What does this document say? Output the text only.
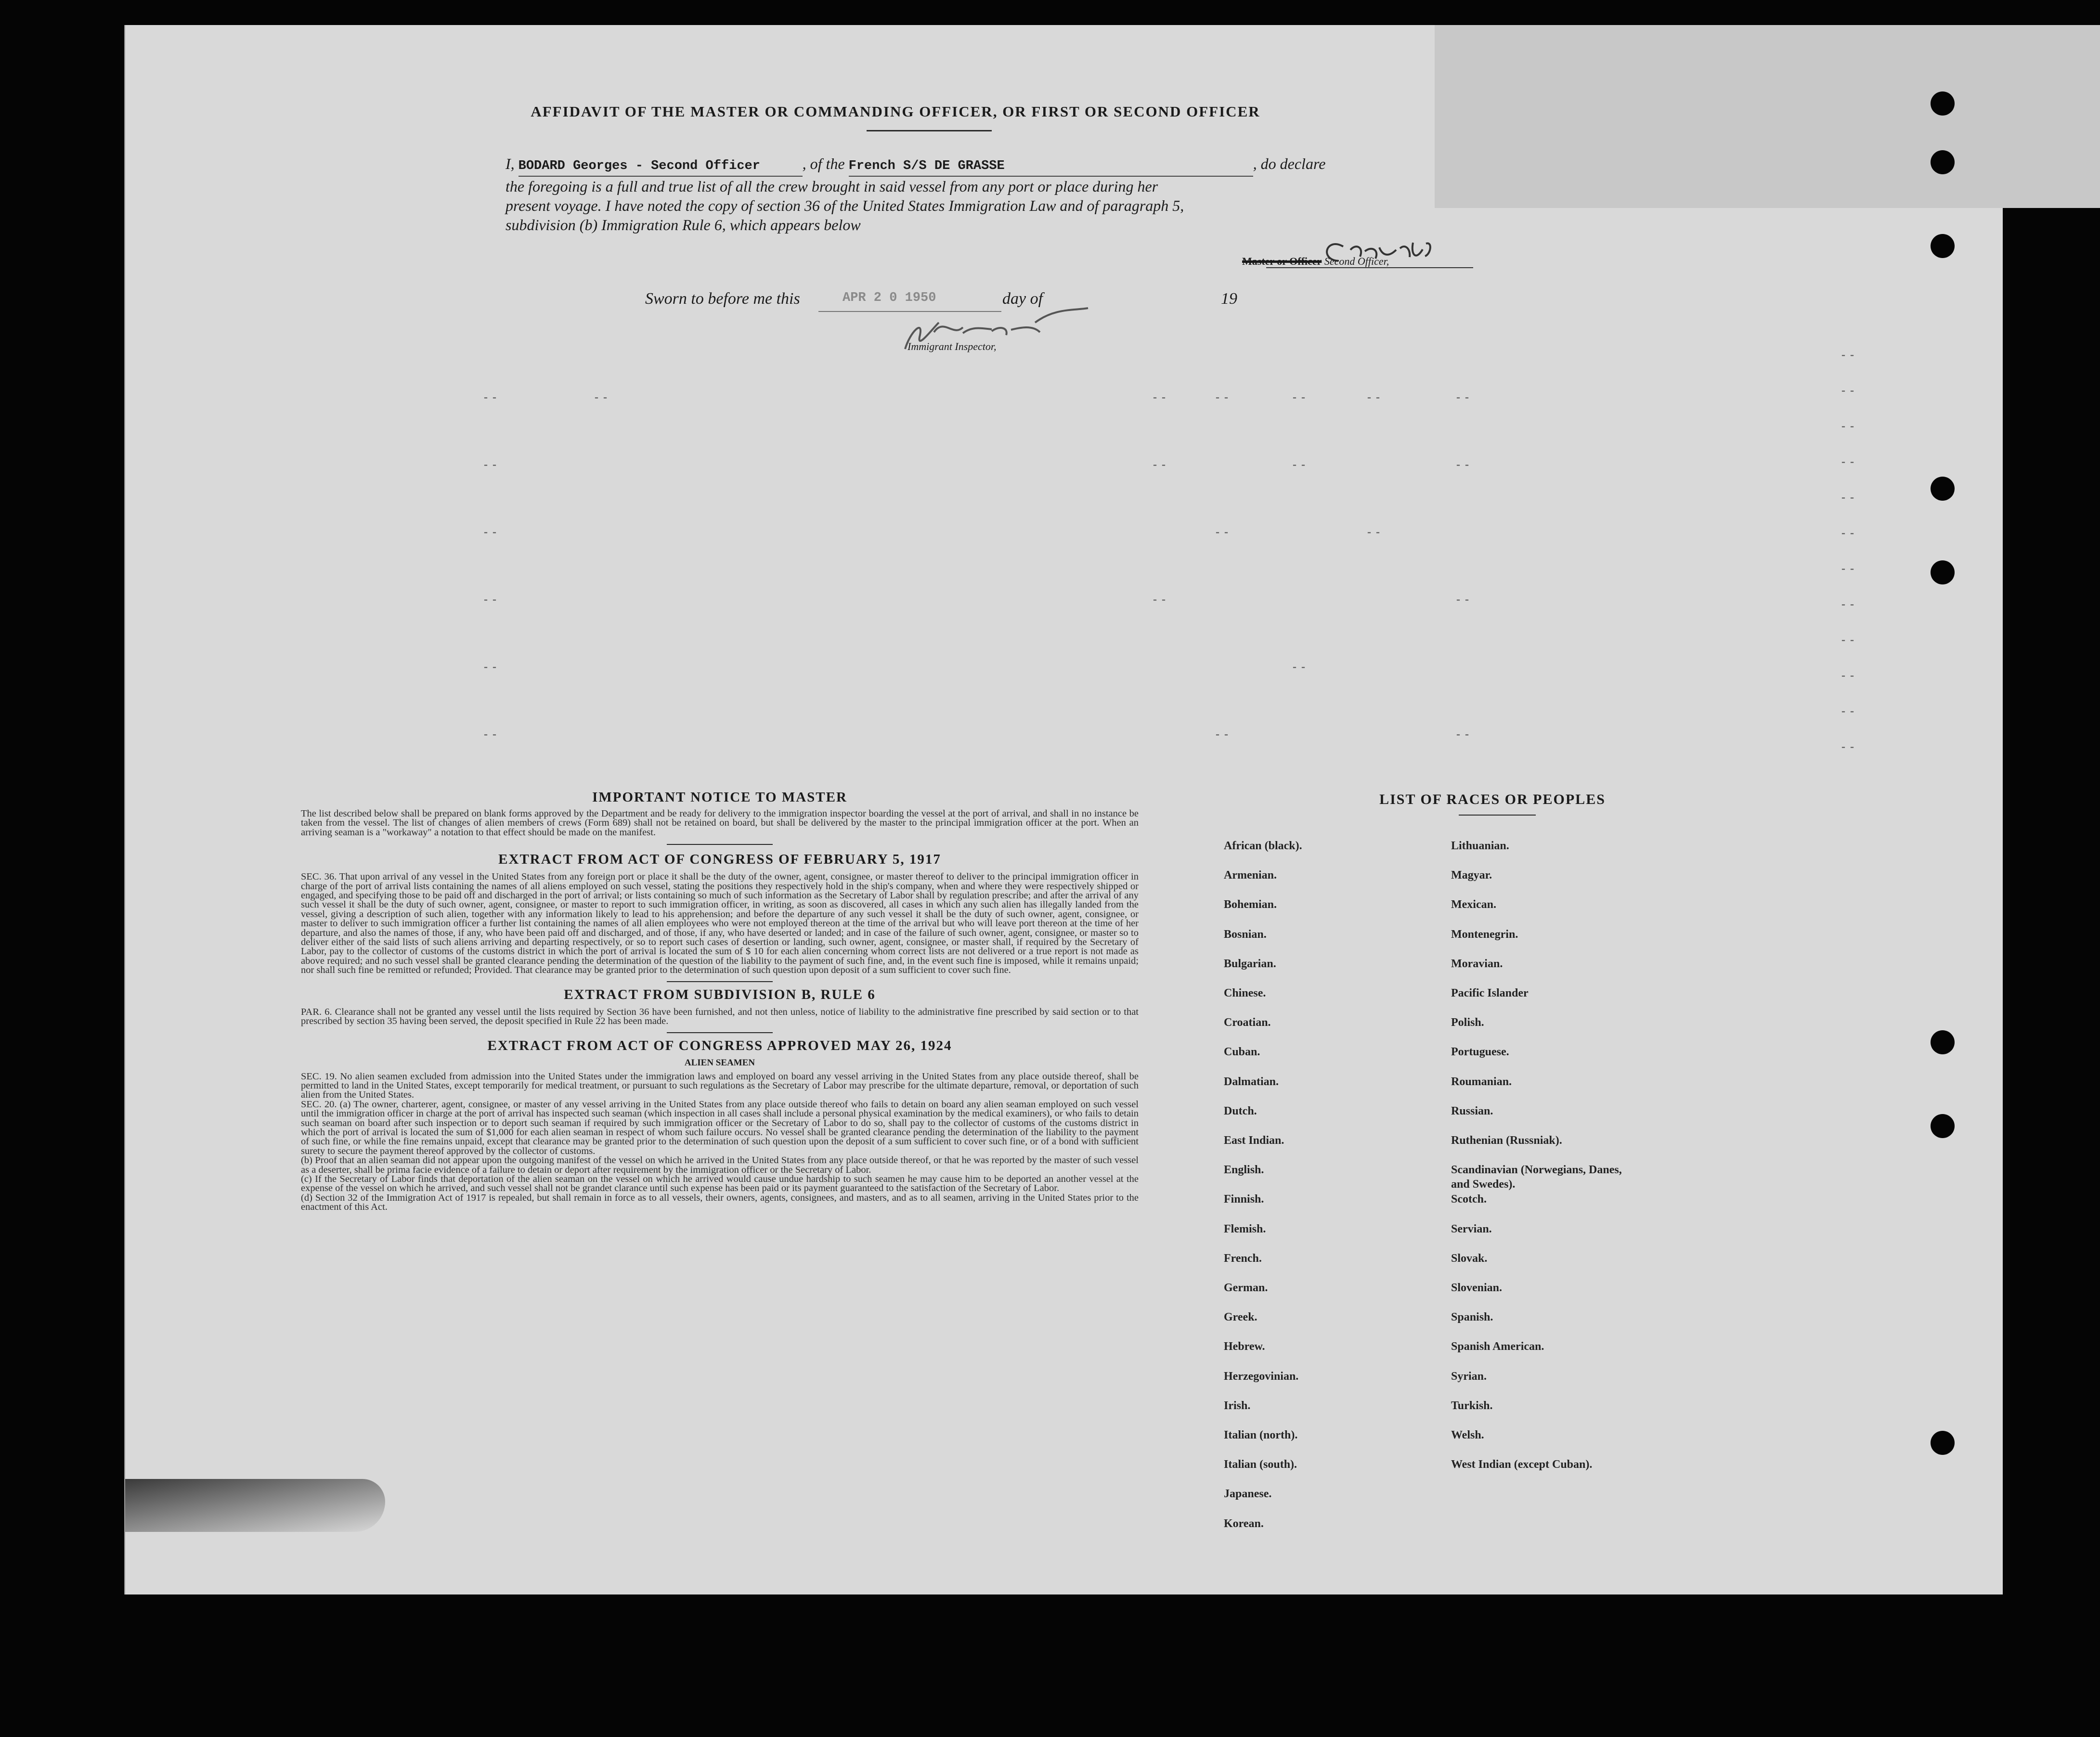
AFFIDAVIT OF THE MASTER OR COMMANDING OFFICER, OR FIRST OR SECOND OFFICER
I, BODARD Georges - Second Officer	, of the French S/S DE GRASSE	, do declare
the foregoing is a full and true list of all the crew brought in said vessel from any port or place during her
present voyage. I have noted the copy of section 36 of the United States Immigration Law and of paragraph 5,
subdivision (b) Immigration Rule 6, which appears below
Master or Officer Second Officer,
Sworn to before me this	APR 2 0 1950	day of	19
Immigrant Inspector,
--
--
--
--
--
--
--
--
--
--
--
--
--	--	--	--	--	--	--
--	--	--	--
--	--	--
--	--	--
--	--
--	--	--
IMPORTANT NOTICE TO MASTER
The list described below shall be prepared on blank forms approved by the Department and be ready for delivery to the immigration inspector boarding the vessel at the port of arrival, and shall in no instance be taken from the vessel. The list of changes of alien members of crews (Form 689) shall not be retained on board, but shall be delivered by the master to the principal immigration officer at the port. When an arriving seaman is a "workaway" a notation to that effect should be made on the manifest.
EXTRACT FROM ACT OF CONGRESS OF FEBRUARY 5, 1917
SEC. 36. That upon arrival of any vessel in the United States from any foreign port or place it shall be the duty of the owner, agent, consignee, or master thereof to deliver to the principal immigration officer in charge of the port of arrival lists containing the names of all aliens employed on such vessel, stating the positions they respectively hold in the ship's company, when and where they were respectively shipped or engaged, and specifying those to be paid off and discharged in the port of arrival; or lists containing so much of such information as the Secretary of Labor shall by regulation prescribe; and after the arrival of any such vessel it shall be the duty of such owner, agent, consignee, or master to report to such immigration officer, in writing, as soon as discovered, all cases in which any such alien has illegally landed from the vessel, giving a description of such alien, together with any information likely to lead to his apprehension; and before the departure of any such vessel it shall be the duty of such owner, agent, consignee, or master to deliver to such immigration officer a further list containing the names of all alien employees who were not employed thereon at the time of the arrival but who will leave port thereon at the time of her departure, and also the names of those, if any, who have been paid off and discharged, and of those, if any, who have deserted or landed; and in case of the failure of such owner, agent, consignee, or master so to deliver either of the said lists of such aliens arriving and departing respectively, or so to report such cases of desertion or landing, such owner, agent, consignee, or master shall, if required by the Secretary of Labor, pay to the collector of customs of the customs district in which the port of arrival is located the sum of $ 10 for each alien concerning whom correct lists are not delivered or a true report is not made as above required; and no such vessel shall be granted clearance pending the determination of the question of the liability to the payment of such fine, and, in the event such fine is imposed, while it remains unpaid; nor shall such fine be remitted or refunded; Provided. That clearance may be granted prior to the determination of such question upon deposit of a sum sufficient to cover such fine.
EXTRACT FROM SUBDIVISION B, RULE 6
PAR. 6. Clearance shall not be granted any vessel until the lists required by Section 36 have been furnished, and not then unless, notice of liability to the administrative fine prescribed by said section or to that prescribed by section 35 having been served, the deposit specified in Rule 22 has been made.
EXTRACT FROM ACT OF CONGRESS APPROVED MAY 26, 1924
ALIEN SEAMEN
SEC. 19. No alien seamen excluded from admission into the United States under the immigration laws and employed on board any vessel arriving in the United States from any place outside thereof, shall be permitted to land in the United States, except temporarily for medical treatment, or pursuant to such regulations as the Secretary of Labor may prescribe for the ultimate departure, removal, or deportation of such alien from the United States.
SEC. 20. (a) The owner, charterer, agent, consignee, or master of any vessel arriving in the United States from any place outside thereof who fails to detain on board any alien seaman employed on such vessel until the immigration officer in charge at the port of arrival has inspected such seaman (which inspection in all cases shall include a personal physical examination by the medical examiners), or who fails to detain such seaman on board after such inspection or to deport such seaman if required by such immigration officer or the Secretary of Labor to do so, shall pay to the collector of customs of the customs district in which the port of arrival is located the sum of $1,000 for each alien seaman in respect of whom such failure occurs. No vessel shall be granted clearance pending the determination of the liability to the payment of such fine, or while the fine remains unpaid, except that clearance may be granted prior to the determination of such question upon the deposit of a sum sufficient to cover such fine, or of a bond with sufficient surety to secure the payment thereof approved by the collector of customs.
(b) Proof that an alien seaman did not appear upon the outgoing manifest of the vessel on which he arrived in the United States from any place outside thereof, or that he was reported by the master of such vessel as a deserter, shall be prima facie evidence of a failure to detain or deport after requirement by the immigration officer or the Secretary of Labor.
(c) If the Secretary of Labor finds that deportation of the alien seaman on the vessel on which he arrived would cause undue hardship to such seamen he may cause him to be deported an another vessel at the expense of the vessel on which he arrived, and such vessel shall not be grandet clarance until such expense has been paid or its payment guaranteed to the satisfaction of the Secretary of Labor.
(d) Section 32 of the Immigration Act of 1917 is repealed, but shall remain in force as to all vessels, their owners, agents, consignees, and masters, and as to all seamen, arriving in the United States prior to the enactment of this Act.
LIST OF RACES OR PEOPLES
African (black).
Armenian.
Bohemian.
Bosnian.
Bulgarian.
Chinese.
Croatian.
Cuban.
Dalmatian.
Dutch.
East Indian.
English.
Finnish.
Flemish.
French.
German.
Greek.
Hebrew.
Herzegovinian.
Irish.
Italian (north).
Italian (south).
Japanese.
Korean.
Lithuanian.
Magyar.
Mexican.
Montenegrin.
Moravian.
Pacific Islander
Polish.
Portuguese.
Roumanian.
Russian.
Ruthenian (Russniak).
Scandinavian (Norwegians, Danes, and Swedes).
Scotch.
Servian.
Slovak.
Slovenian.
Spanish.
Spanish American.
Syrian.
Turkish.
Welsh.
West Indian (except Cuban).
